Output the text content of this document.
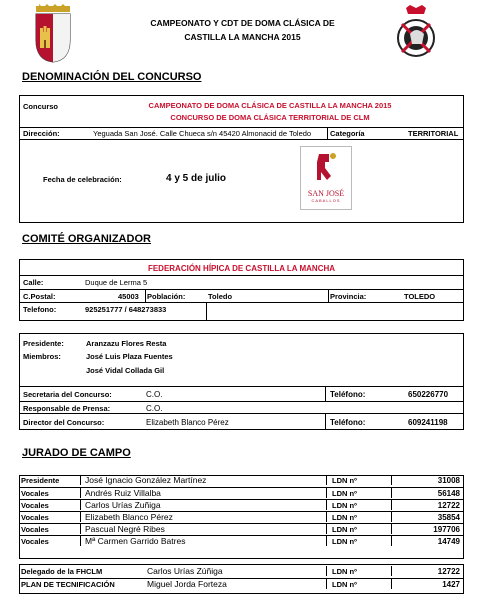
CAMPEONATO Y CDT DE DOMA CLÁSICA DE
CASTILLA LA MANCHA 2015
DENOMINACIÓN DEL CONCURSO
Concurso	CAMPEONATO DE DOMA CLÁSICA DE CASTILLA LA MANCHA 2015
CONCURSO DE DOMA CLÁSICA TERRITORIAL DE CLM
Dirección:	Yeguada San José. Calle Chueca s/n 45420 Almonacid de Toledo	Categoría	TERRITORIAL
Fecha de celebración:	4 y 5 de julio
SAN JOSÉ
CABALLOS
COMITÉ ORGANIZADOR
FEDERACIÓN HÍPICA DE CASTILLA LA MANCHA
Calle:	Duque de Lerma 5
C.Postal:	45003 Población:	Toledo	Provincia:	TOLEDO
Telefono:	925251777 / 648273833
Presidente:	Aranzazu Flores Resta
Miembros:	José Luis Plaza Fuentes
José Vidal Collada Gil
Secretaria del Concurso:	C.O.	Teléfono:	650226770
Responsable de Prensa:	C.O.
Director del Concurso:	Elizabeth Blanco Pérez	Teléfono:	609241198
JURADO DE CAMPO
Presidente	José Ignacio González Martínez	LDN nº	31008
Vocales	Andrés Ruiz Villalba	LDN nº	56148
Vocales	Carlos Urías Zuñiga	LDN nº	12722
Vocales	Elizabeth Blanco Pérez	LDN nº	35854
Vocales	Pascual Negré Ribes	LDN nº	197706
Vocales	Mª Carmen Garrido Batres	LDN nº	14749
Delegado de la FHCLM	Carlos Urías Zúñiga	LDN nº	12722
PLAN DE TECNIFICACIÓN	Miguel Jorda Forteza	LDN nº	1427
